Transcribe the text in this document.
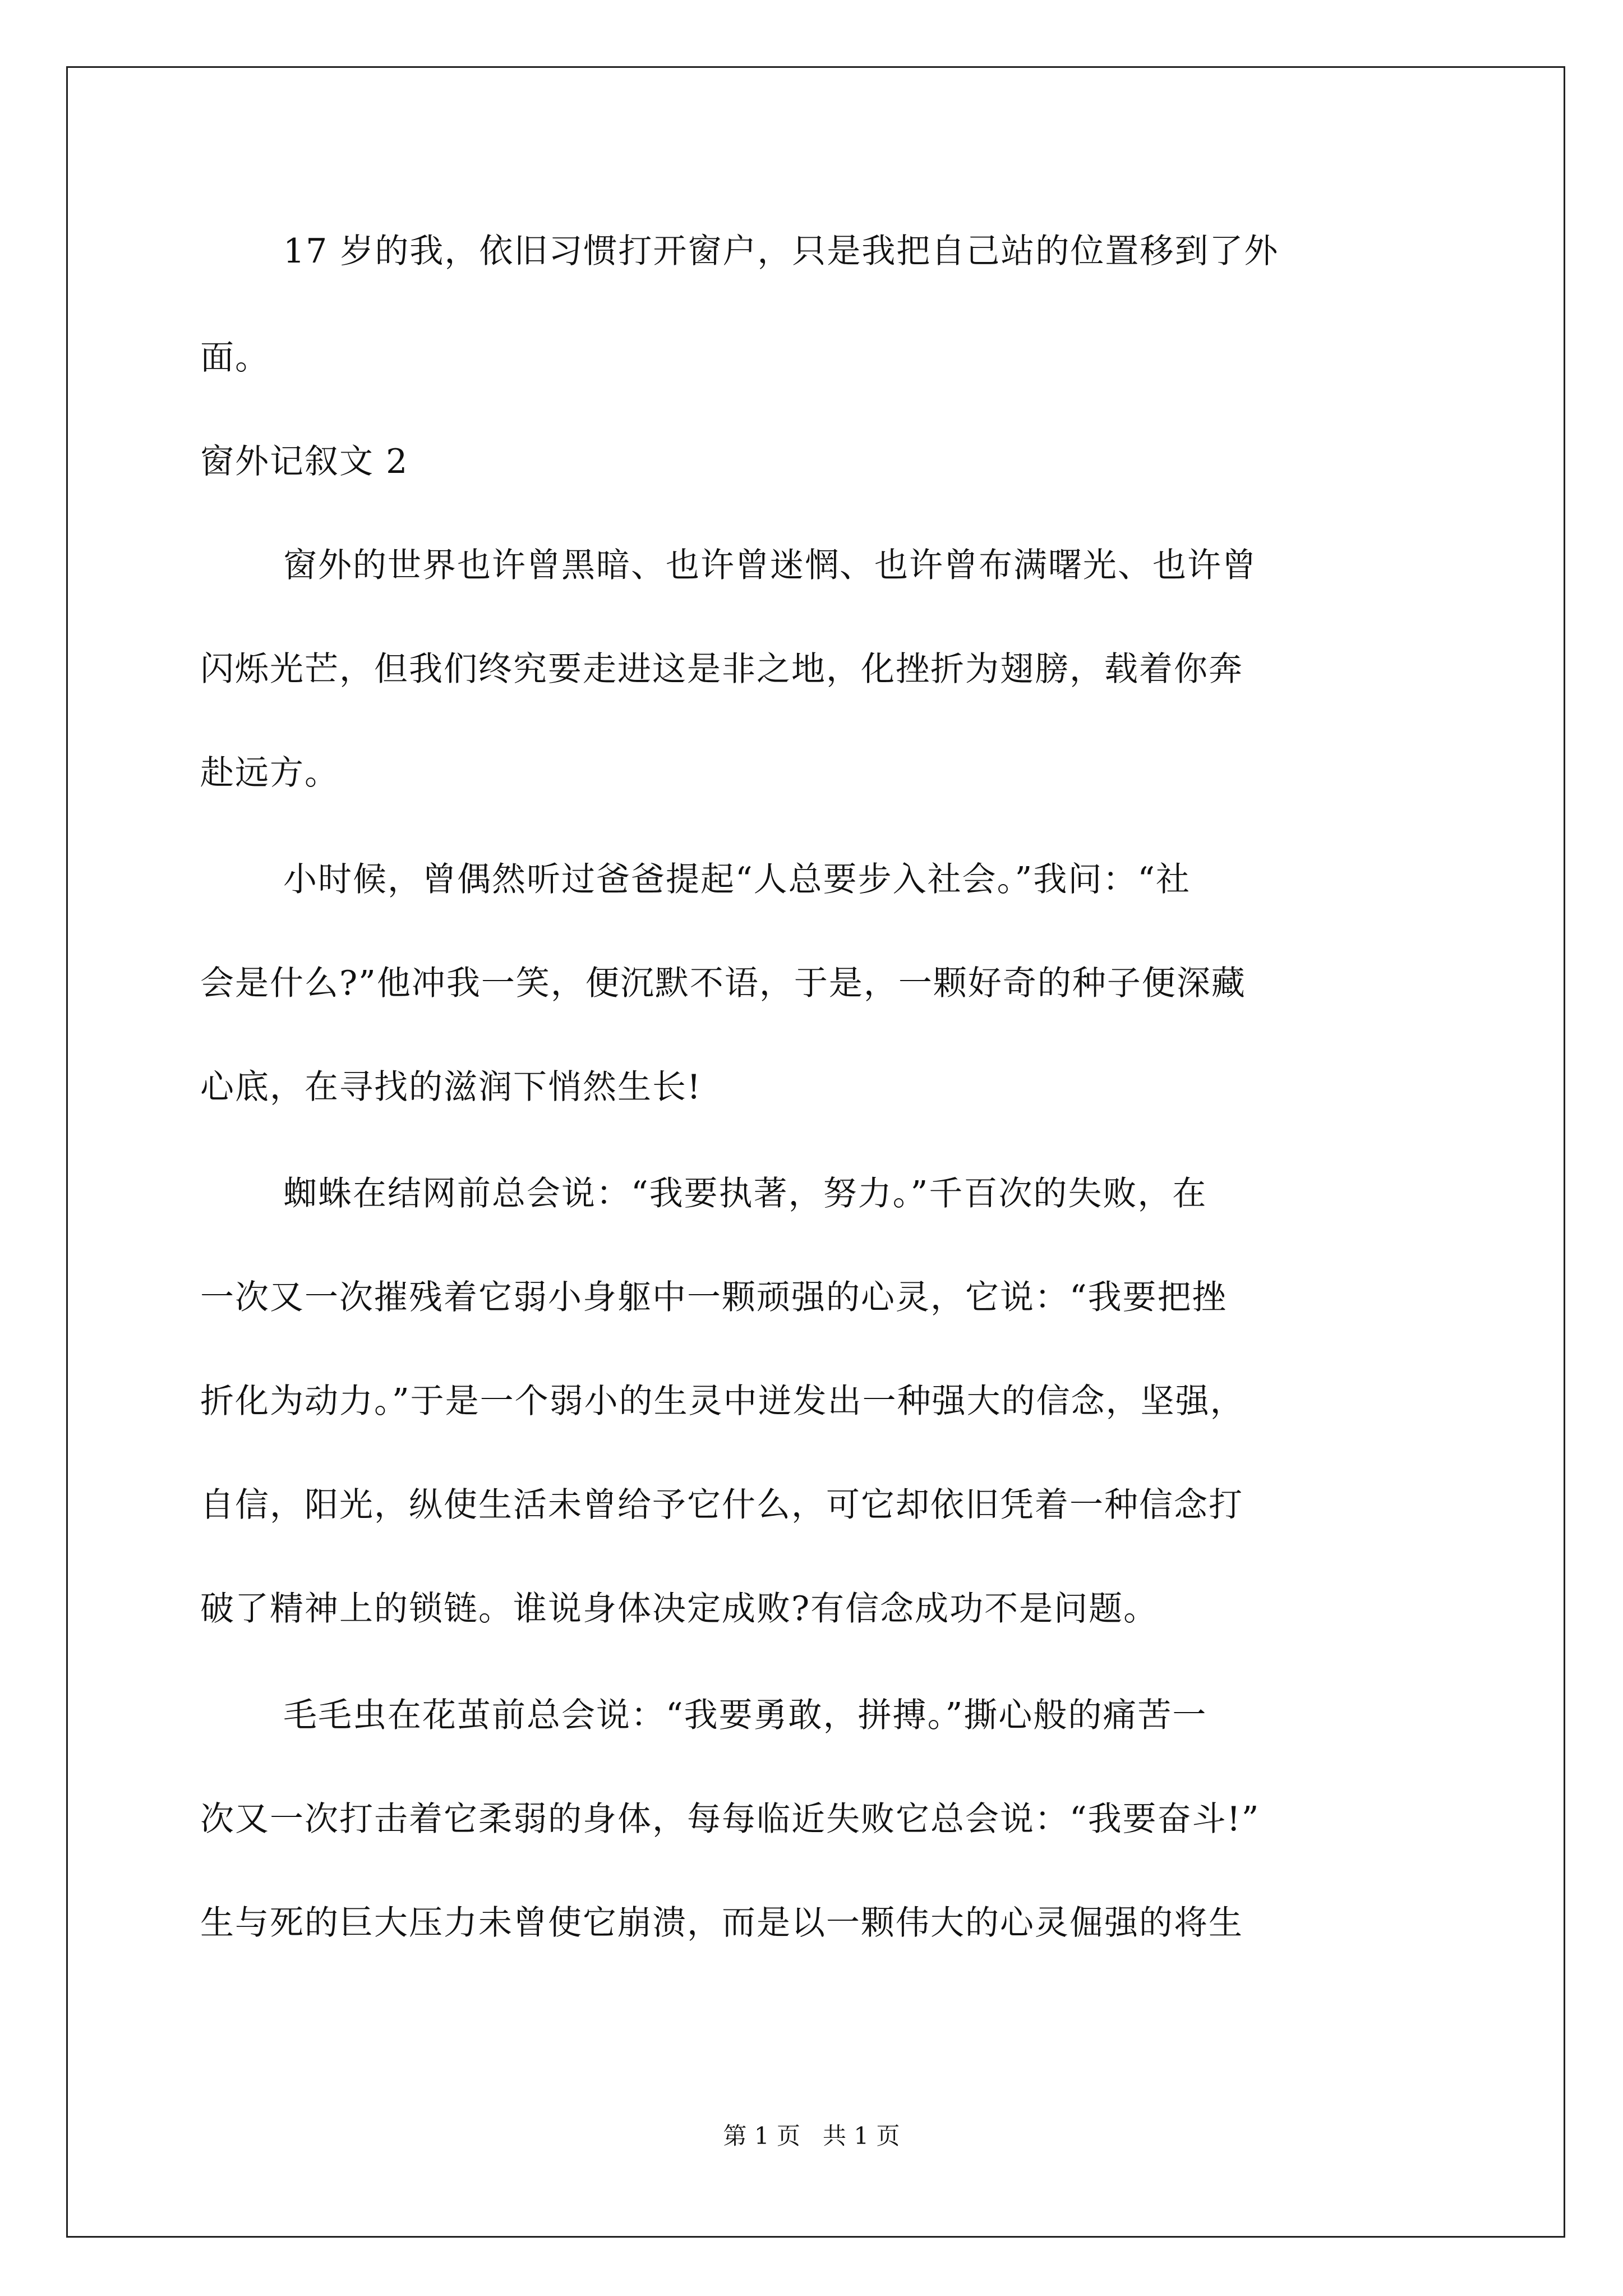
17 岁的我，依旧习惯打开窗户，只是我把自己站的位置移到了外
面。
窗外记叙文 2
窗外的世界也许曾黑暗、也许曾迷惘、也许曾布满曙光、也许曾
闪烁光芒，但我们终究要走进这是非之地，化挫折为翅膀，载着你奔
赴远方。
小时候，曾偶然听过爸爸提起“人总要步入社会。”我问：“社
会是什么?”他冲我一笑，便沉默不语，于是，一颗好奇的种子便深藏
心底，在寻找的滋润下悄然生长!
蜘蛛在结网前总会说：“我要执著，努力。”千百次的失败，在
一次又一次摧残着它弱小身躯中一颗顽强的心灵，它说：“我要把挫
折化为动力。”于是一个弱小的生灵中迸发出一种强大的信念，坚强，
自信，阳光，纵使生活未曾给予它什么，可它却依旧凭着一种信念打
破了精神上的锁链。谁说身体决定成败?有信念成功不是问题。
毛毛虫在花茧前总会说：“我要勇敢，拼搏。”撕心般的痛苦一
次又一次打击着它柔弱的身体，每每临近失败它总会说：“我要奋斗!”
生与死的巨大压力未曾使它崩溃，而是以一颗伟大的心灵倔强的将生
第 1 页   共 1 页
